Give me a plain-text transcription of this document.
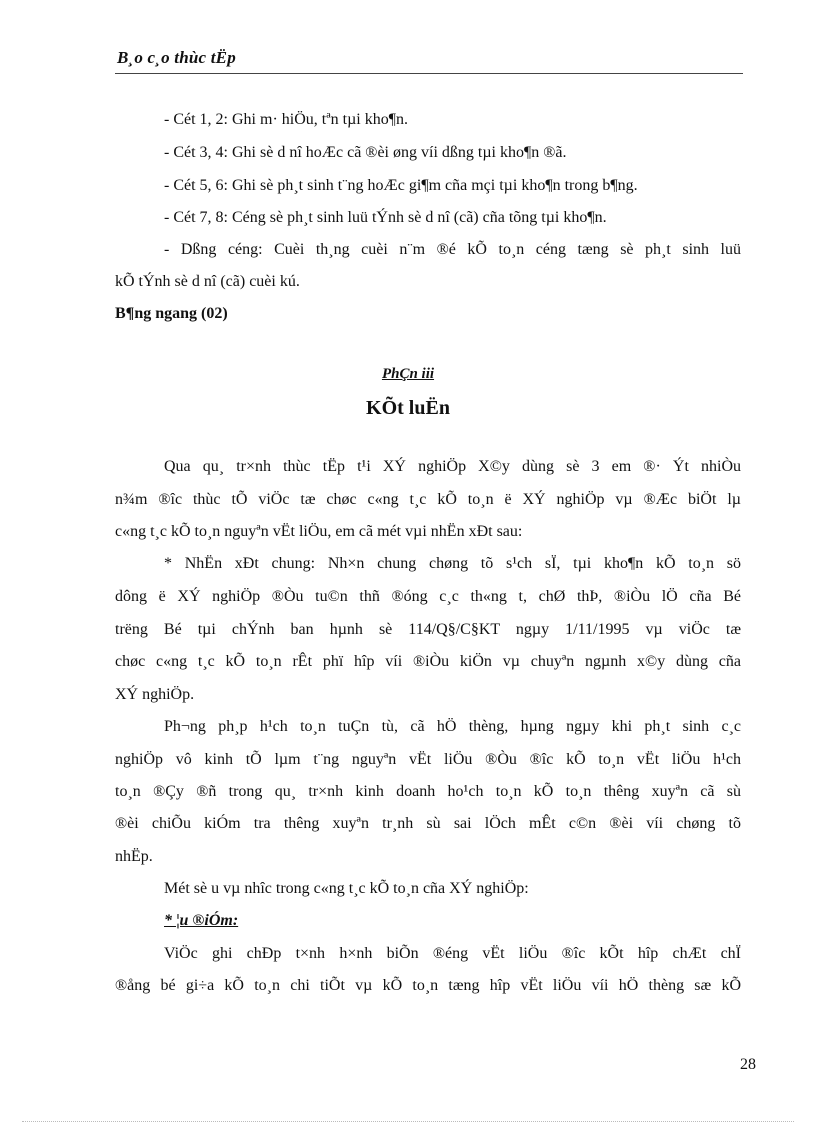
B¸o c¸o thùc tËp
- Cét 1, 2: Ghi m· hiÖu, tªn tµi kho¶n.
- Cét 3, 4: Ghi sè d nî hoÆc cã ®èi øng víi dßng tµi kho¶n ®ã.
- Cét 5, 6: Ghi sè ph¸t sinh t¨ng hoÆc gi¶m cña mçi tµi kho¶n trong b¶ng.
- Cét 7, 8: Céng sè ph¸t sinh luü tÝnh sè d nî (cã) cña tõng tµi kho¶n.
- Dßng céng: Cuèi th¸ng cuèi n¨m ®é kÕ to¸n céng tæng sè ph¸t sinh luü
kÕ tÝnh sè d nî (cã) cuèi kú.
B¶ng ngang (02)
PhÇn iii
KÕt luËn
Qua qu¸ tr×nh thùc tËp t¹i XÝ nghiÖp X©y dùng sè 3 em ®· Ýt nhiÒu
n¾m ®îc thùc tÕ viÖc tæ chøc c«ng t¸c kÕ to¸n ë XÝ nghiÖp vµ ®Æc biÖt lµ
c«ng t¸c kÕ to¸n nguyªn vËt liÖu, em cã mét vµi nhËn xÐt sau:
* NhËn xÐt chung: Nh×n chung chøng tõ s¹ch sÏ, tµi kho¶n kÕ to¸n sö
dông ë XÝ nghiÖp ®Òu tu©n thñ ®óng c¸c th«ng t, chØ thÞ, ®iÒu lÖ cña Bé
trëng Bé tµi chÝnh ban hµnh sè 114/Q§/C§KT ngµy 1/11/1995 vµ viÖc tæ
chøc c«ng t¸c kÕ to¸n rÊt phï hîp víi ®iÒu kiÖn vµ chuyªn ngµnh x©y dùng cña
XÝ nghiÖp.
Ph¬ng ph¸p h¹ch to¸n tuÇn tù, cã hÖ thèng, hµng ngµy khi ph¸t sinh c¸c
nghiÖp vô kinh tÕ lµm t¨ng nguyªn vËt liÖu ®Òu ®îc kÕ to¸n vËt liÖu h¹ch
to¸n ®Çy ®ñ trong qu¸ tr×nh kinh doanh ho¹ch to¸n kÕ to¸n thêng xuyªn cã sù
®èi chiÕu kiÓm tra thêng xuyªn tr¸nh sù sai lÖch mÊt c©n ®èi víi chøng tõ
nhËp.
Mét sè u vµ nhîc trong c«ng t¸c kÕ to¸n cña XÝ nghiÖp:
* ¦u ®iÓm:
ViÖc ghi chÐp t×nh h×nh biÕn ®éng vËt liÖu ®îc kÕt hîp chÆt chÏ
®ång bé gi÷a kÕ to¸n chi tiÕt vµ kÕ to¸n tæng hîp vËt liÖu víi hÖ thèng sæ kÕ
28
